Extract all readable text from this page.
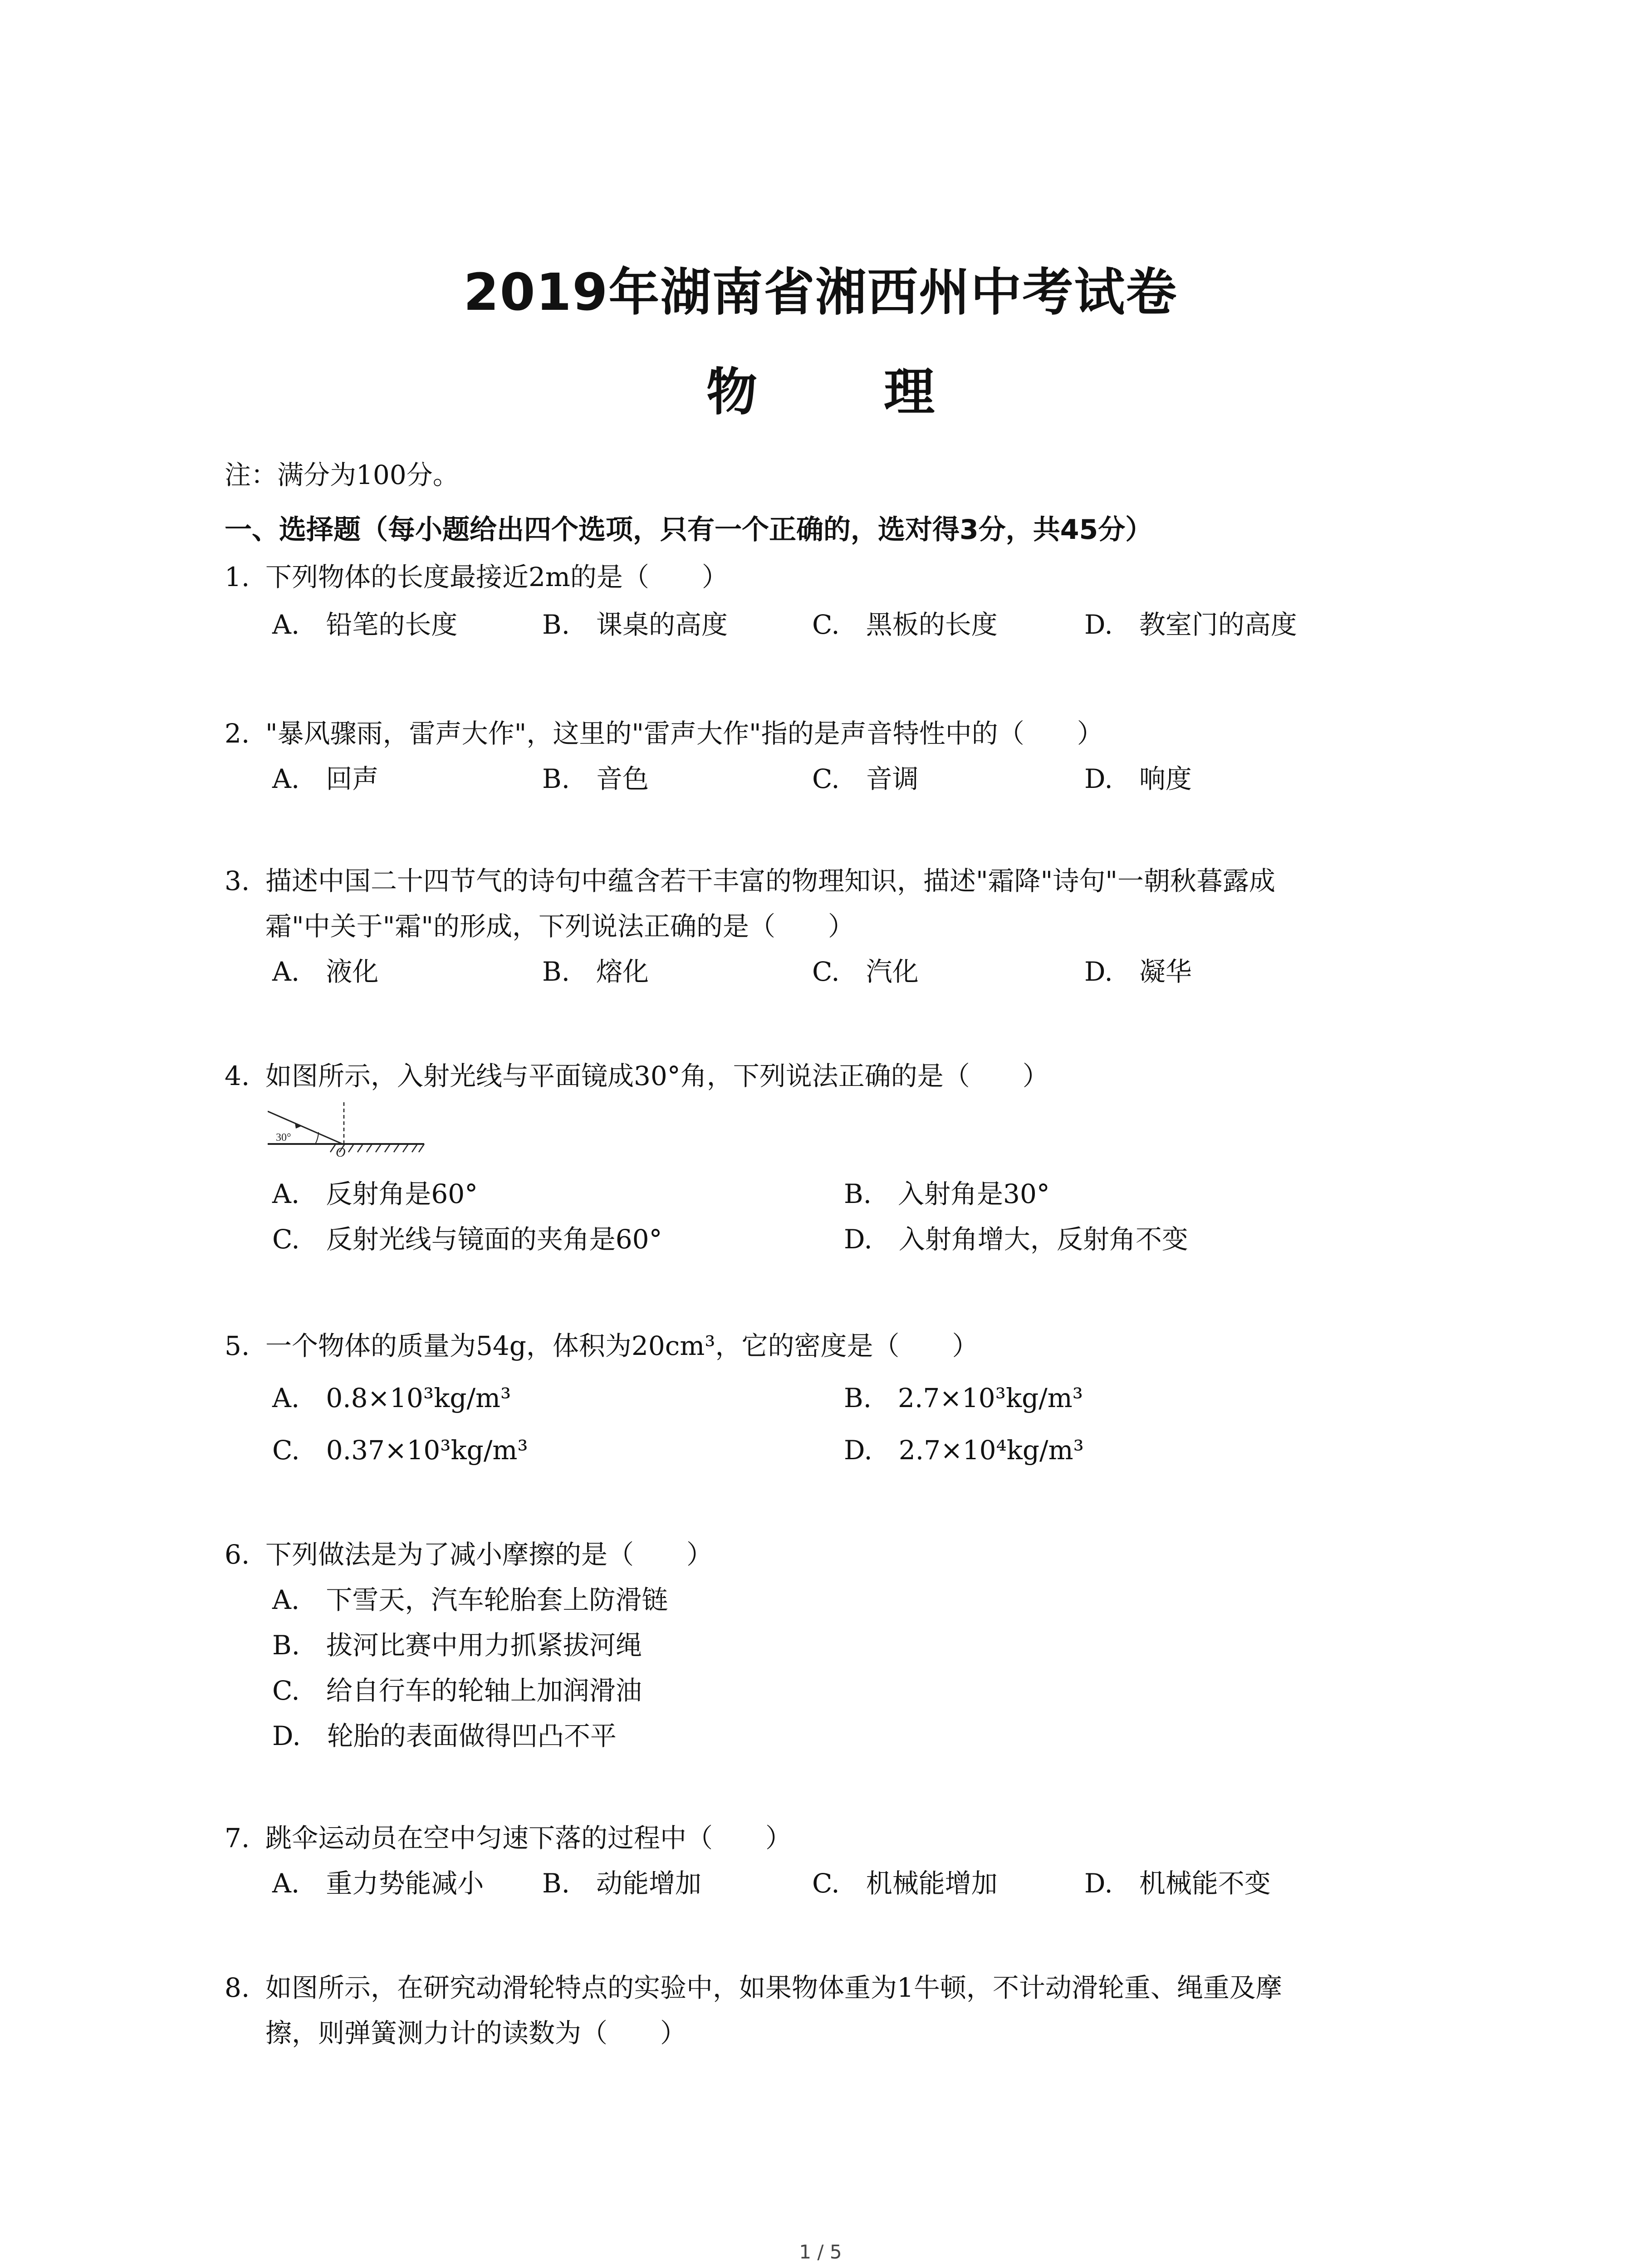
2019年湖南省湘西州中考试卷
物 理
注：满分为100分。
一、选择题（每小题给出四个选项，只有一个正确的，选对得3分，共45分）
1. 下列物体的长度最接近2m的是（　　）
A.　铅笔的长度	B.　课桌的高度	C.　黑板的长度	D.　教室门的高度
2. "暴风骤雨，雷声大作"，这里的"雷声大作"指的是声音特性中的（　　）
A.　回声	B.　音色	C.　音调	D.　响度
3. 描述中国二十四节气的诗句中蕴含若干丰富的物理知识，描述"霜降"诗句"一朝秋暮露成
霜"中关于"霜"的形成，下列说法正确的是（　　）
A.　液化	B.　熔化	C.　汽化	D.　凝华
4. 如图所示，入射光线与平面镜成30°角，下列说法正确的是（　　）
30°
O
A.　反射角是60°	B.　入射角是30°
C.　反射光线与镜面的夹角是60°	D.　入射角增大，反射角不变
5. 一个物体的质量为54g，体积为20cm³，它的密度是（　　）
A.　0.8×10³kg/m³	B.　2.7×10³kg/m³
C.　0.37×10³kg/m³	D.　2.7×10⁴kg/m³
6. 下列做法是为了减小摩擦的是（　　）
A.　下雪天，汽车轮胎套上防滑链
B.　拔河比赛中用力抓紧拔河绳
C.　给自行车的轮轴上加润滑油
D.　轮胎的表面做得凹凸不平
7. 跳伞运动员在空中匀速下落的过程中（　　）
A.　重力势能减小 B.　动能增加	C.　机械能增加	D.　机械能不变
8. 如图所示，在研究动滑轮特点的实验中，如果物体重为1牛顿，不计动滑轮重、绳重及摩
擦，则弹簧测力计的读数为（　　）
1 / 5
